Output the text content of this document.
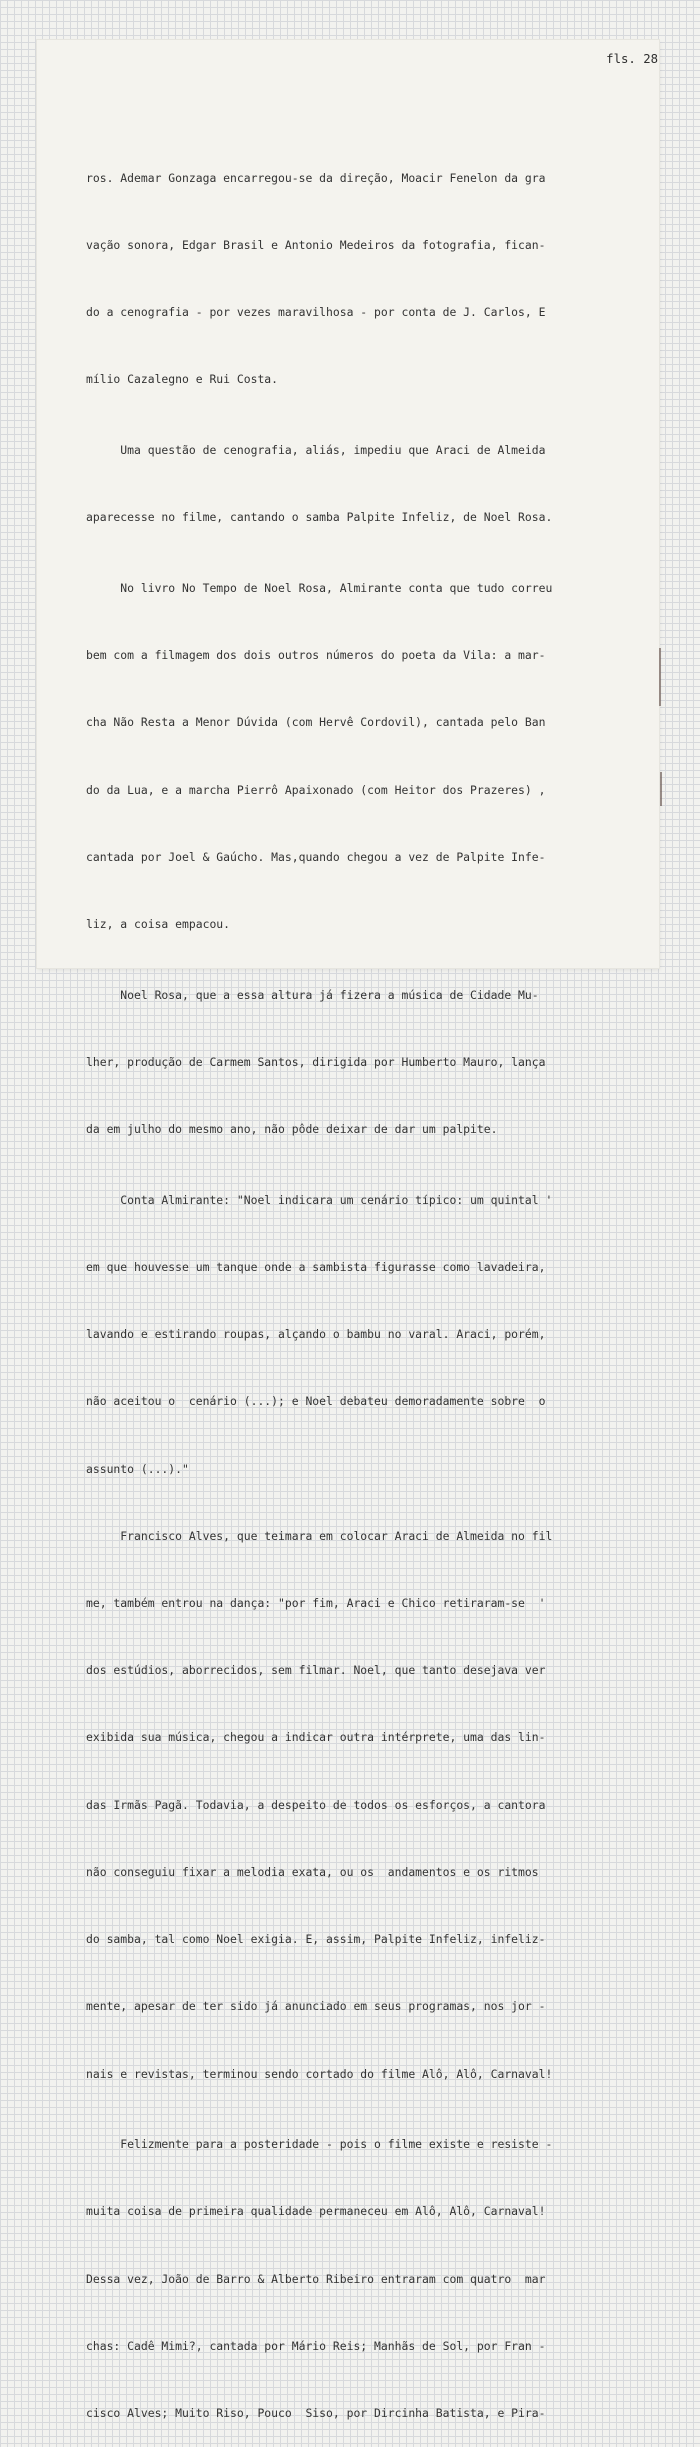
fls. 28

ros. Ademar Gonzaga encarregou-se da direção, Moacir Fenelon da gra

vação sonora, Edgar Brasil e Antonio Medeiros da fotografia, fican-

do a cenografia - por vezes maravilhosa - por conta de J. Carlos, E

mílio Cazalegno e Rui Costa.

Uma questão de cenografia, aliás, impediu que Araci de Almeida

aparecesse no filme, cantando o samba Palpite Infeliz, de Noel Rosa.

No livro No Tempo de Noel Rosa, Almirante conta que tudo correu

bem com a filmagem dos dois outros números do poeta da Vila: a mar-

cha Não Resta a Menor Dúvida (com Hervê Cordovil), cantada pelo Ban

do da Lua, e a marcha Pierrô Apaixonado (com Heitor dos Prazeres) ,

cantada por Joel & Gaúcho. Mas,quando chegou a vez de Palpite Infe-

liz, a coisa empacou.

Noel Rosa, que a essa altura já fizera a música de Cidade Mu-

lher, produção de Carmem Santos, dirigida por Humberto Mauro, lança

da em julho do mesmo ano, não pôde deixar de dar um palpite.

Conta Almirante: "Noel indicara um cenário típico: um quintal '

em que houvesse um tanque onde a sambista figurasse como lavadeira,

lavando e estirando roupas, alçando o bambu no varal. Araci, porém,

não aceitou o  cenário (...); e Noel debateu demoradamente sobre  o

assunto (...)."

Francisco Alves, que teimara em colocar Araci de Almeida no fil

me, também entrou na dança: "por fim, Araci e Chico retiraram-se  '

dos estúdios, aborrecidos, sem filmar. Noel, que tanto desejava ver

exibida sua música, chegou a indicar outra intérprete, uma das lin-

das Irmãs Pagã. Todavia, a despeito de todos os esforços, a cantora

não conseguiu fixar a melodia exata, ou os  andamentos e os ritmos

do samba, tal como Noel exigia. E, assim, Palpite Infeliz, infeliz-

mente, apesar de ter sido já anunciado em seus programas, nos jor -

nais e revistas, terminou sendo cortado do filme Alô, Alô, Carnaval!

Felizmente para a posteridade - pois o filme existe e resiste -

muita coisa de primeira qualidade permaneceu em Alô, Alô, Carnaval!

Dessa vez, João de Barro & Alberto Ribeiro entraram com quatro  mar

chas: Cadê Mimi?, cantada por Mário Reis; Manhãs de Sol, por Fran -

cisco Alves; Muito Riso, Pouco  Siso, por Dircinha Batista, e Pira-
